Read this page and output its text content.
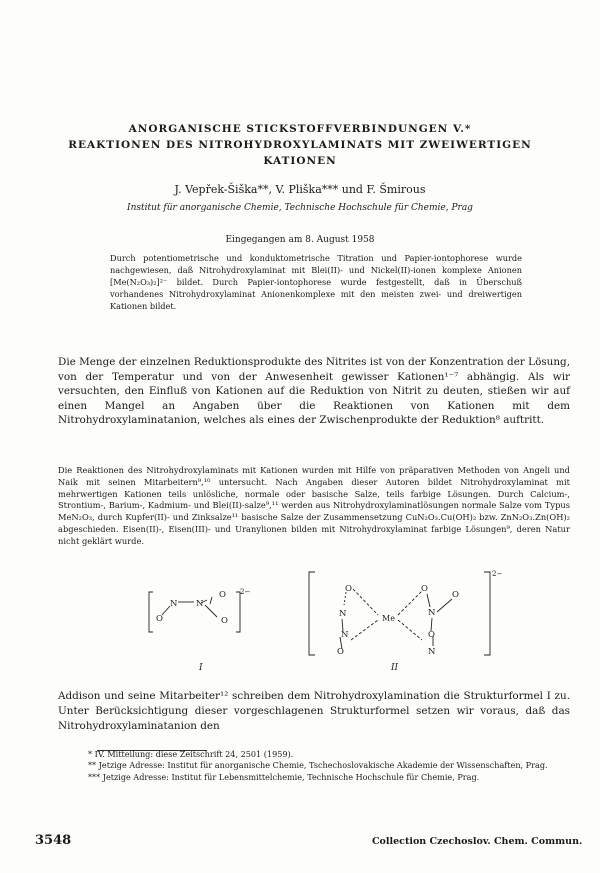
ANORGANISCHE STICKSTOFFVERBINDUNGEN V.*
REAKTIONEN DES NITROHYDROXYLAMINATS MIT ZWEIWERTIGEN
KATIONEN
J. Vepřek-Šiška**, V. Pliška*** und F. Šmirous
Institut für anorganische Chemie, Technische Hochschule für Chemie, Prag
Eingegangen am 8. August 1958

Durch potentiometrische und konduktometrische Titration und Papier-iontophorese wurde nachgewiesen, daß Nitrohydroxylaminat mit Blei(II)- und Nickel(II)-ionen komplexe Anionen [Me(N₂O₃)₂]²⁻ bildet. Durch Papier-iontophorese wurde festgestellt, daß in Überschuß vorhandenes Nitrohydroxylaminat Anionenkomplexe mit den meisten zwei- und dreiwertigen Kationen bildet.

Die Menge der einzelnen Reduktionsprodukte des Nitrites ist von der Konzentration der Lösung, von der Temperatur und von der Anwesenheit gewisser Kationen¹⁻⁷ abhängig. Als wir versuchten, den Einfluß von Kationen auf die Reduktion von Nitrit zu deuten, stießen wir auf einen Mangel an Angaben über die Reaktionen von Kationen mit dem Nitrohydroxylaminatanion, welches als eines der Zwischenprodukte der Reduktion⁸ auftritt.

Die Reaktionen des Nitrohydroxylaminats mit Kationen wurden mit Hilfe von präparativen Methoden von Angeli und Naik mit seinen Mitarbeitern⁹,¹⁰ untersucht. Nach Angaben dieser Autoren bildet Nitrohydroxylaminat mit mehrwertigen Kationen teils unlösliche, normale oder basische Salze, teils farbige Lösungen. Durch Calcium-, Strontium-, Barium-, Kadmium- und Blei(II)-salze⁹,¹¹ werden aus Nitrohydroxylaminatlösungen normale Salze vom Typus MeN₂O₃, durch Kupfer(II)- und Zinksalze¹¹ basische Salze der Zusammensetzung CuN₂O₃.Cu(OH)₂ bzw. ZnN₂O₃.Zn(OH)₂ abgeschieden. Eisen(II)-, Eisen(III)- und Uranylionen bilden mit Nitrohydroxylaminat farbige Lösungen⁹, deren Natur nicht geklärt wurde.

O
N N
O
O
2−
I
O
N
N
O
Me
O
N
O
N
O
2−
II

Addison und seine Mitarbeiter¹² schreiben dem Nitrohydroxylamination die Strukturformel I zu. Unter Berücksichtigung dieser vorgeschlagenen Strukturformel setzen wir voraus, daß das Nitrohydroxylaminatanion den

* IV. Mitteilung: diese Zeitschrift 24, 2501 (1959).

** Jetzige Adresse: Institut für anorganische Chemie, Tschechoslovakische Akademie der Wissenschaften, Prag.

*** Jetzige Adresse: Institut für Lebensmittelchemie, Technische Hochschule für Chemie, Prag.

3548	Collection Czechoslov. Chem. Commun.
